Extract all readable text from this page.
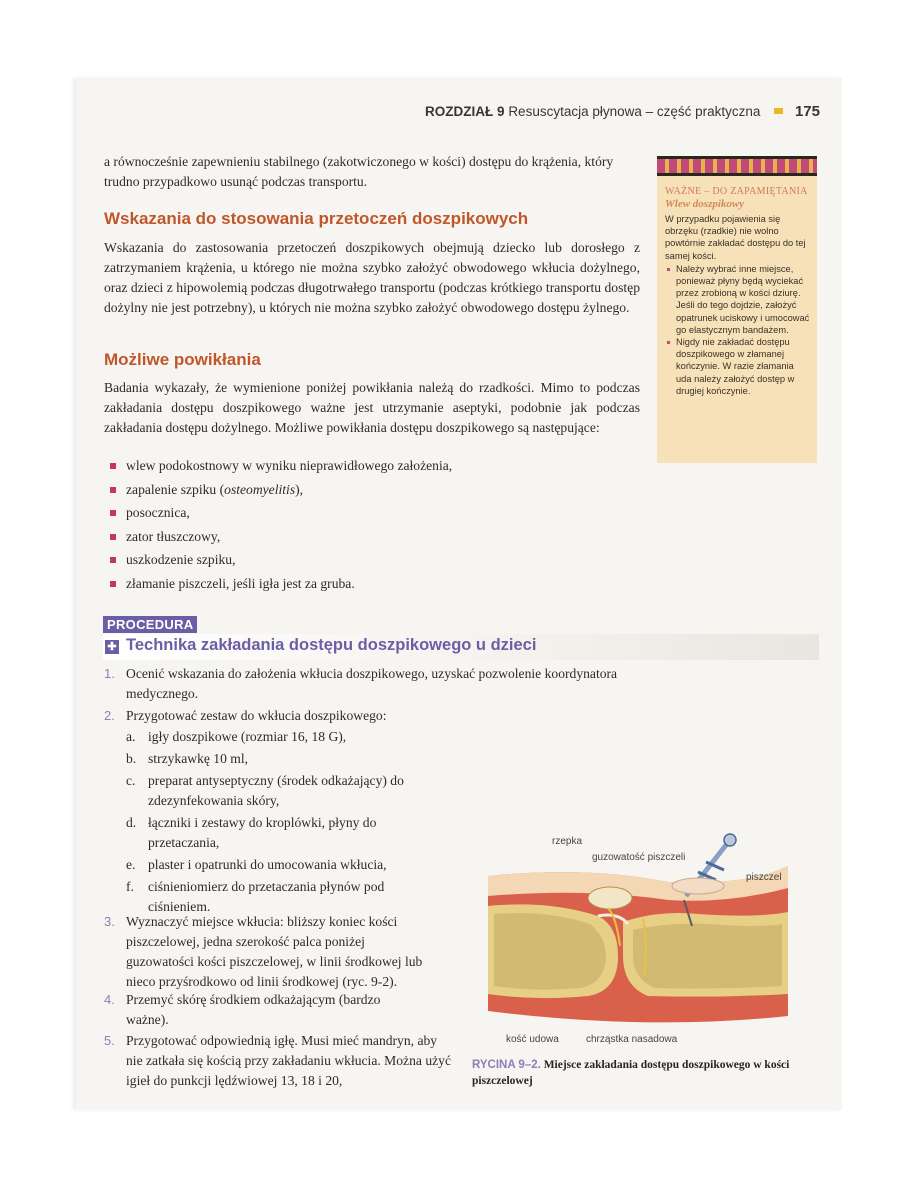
ROZDZIAŁ 9 Resuscytacja płynowa – część praktyczna 175
a równocześnie zapewnieniu stabilnego (zakotwiczonego w kości) dostępu do krążenia, który trudno przypadkowo usunąć podczas transportu.
Wskazania do stosowania przetoczeń doszpikowych
Wskazania do zastosowania przetoczeń doszpikowych obejmują dziecko lub dorosłego z zatrzymaniem krążenia, u którego nie można szybko założyć obwodowego wkłucia dożylnego, oraz dzieci z hipowolemią podczas długotrwałego transportu (podczas krótkiego transportu dostęp dożylny nie jest potrzebny), u których nie można szybko założyć obwodowego dostępu żylnego.
Możliwe powikłania
Badania wykazały, że wymienione poniżej powikłania należą do rzadkości. Mimo to podczas zakładania dostępu doszpikowego ważne jest utrzymanie aseptyki, podobnie jak podczas zakładania dostępu dożylnego. Możliwe powikłania dostępu doszpikowego są następujące:
wlew podokostnowy w wyniku nieprawidłowego założenia,
zapalenie szpiku (osteomyelitis),
posocznica,
zator tłuszczowy,
uszkodzenie szpiku,
złamanie piszczeli, jeśli igła jest za gruba.
PROCEDURA
✚ Technika zakładania dostępu doszpikowego u dzieci
1. Ocenić wskazania do założenia wkłucia doszpikowego, uzyskać pozwolenie koordynatora medycznego.
2. Przygotować zestaw do wkłucia doszpikowego:
a. igły doszpikowe (rozmiar 16, 18 G),
b. strzykawkę 10 ml,
c. preparat antyseptyczny (środek odkażający) do zdezynfekowania skóry,
d. łączniki i zestawy do kroplówki, płyny do przetaczania,
e. plaster i opatrunki do umocowania wkłucia,
f. ciśnieniomierz do przetaczania płynów pod ciśnieniem.
3. Wyznaczyć miejsce wkłucia: bliższy koniec kości piszczelowej, jedna szerokość palca poniżej guzowatości kości piszczelowej, w linii środkowej lub nieco przyśrodkowo od linii środkowej (ryc. 9-2).
4. Przemyć skórę środkiem odkażającym (bardzo ważne).
5. Przygotować odpowiednią igłę. Musi mieć mandryn, aby nie zatkała się kością przy zakładaniu wkłucia. Można użyć igieł do punkcji lędźwiowej 13, 18 i 20,
WAŻNE – DO ZAPAMIĘTANIA
Wlew doszpikowy
W przypadku pojawienia się obrzęku (rzadkie) nie wolno powtórnie zakładać dostępu do tej samej kości.
Należy wybrać inne miejsce, ponieważ płyny będą wyciekać przez zrobioną w kości dziurę. Jeśli do tego dojdzie, założyć opatrunek uciskowy i umocować go elastycznym bandażem.
Nigdy nie zakładać dostępu doszpikowego w złamanej kończynie. W razie złamania uda należy założyć dostęp w drugiej kończynie.
rzepka
guzowatość piszczeli
piszczel
kość udowa	chrząstka nasadowa
RYCINA 9–2. Miejsce zakładania dostępu doszpikowego w kości piszczelowej
